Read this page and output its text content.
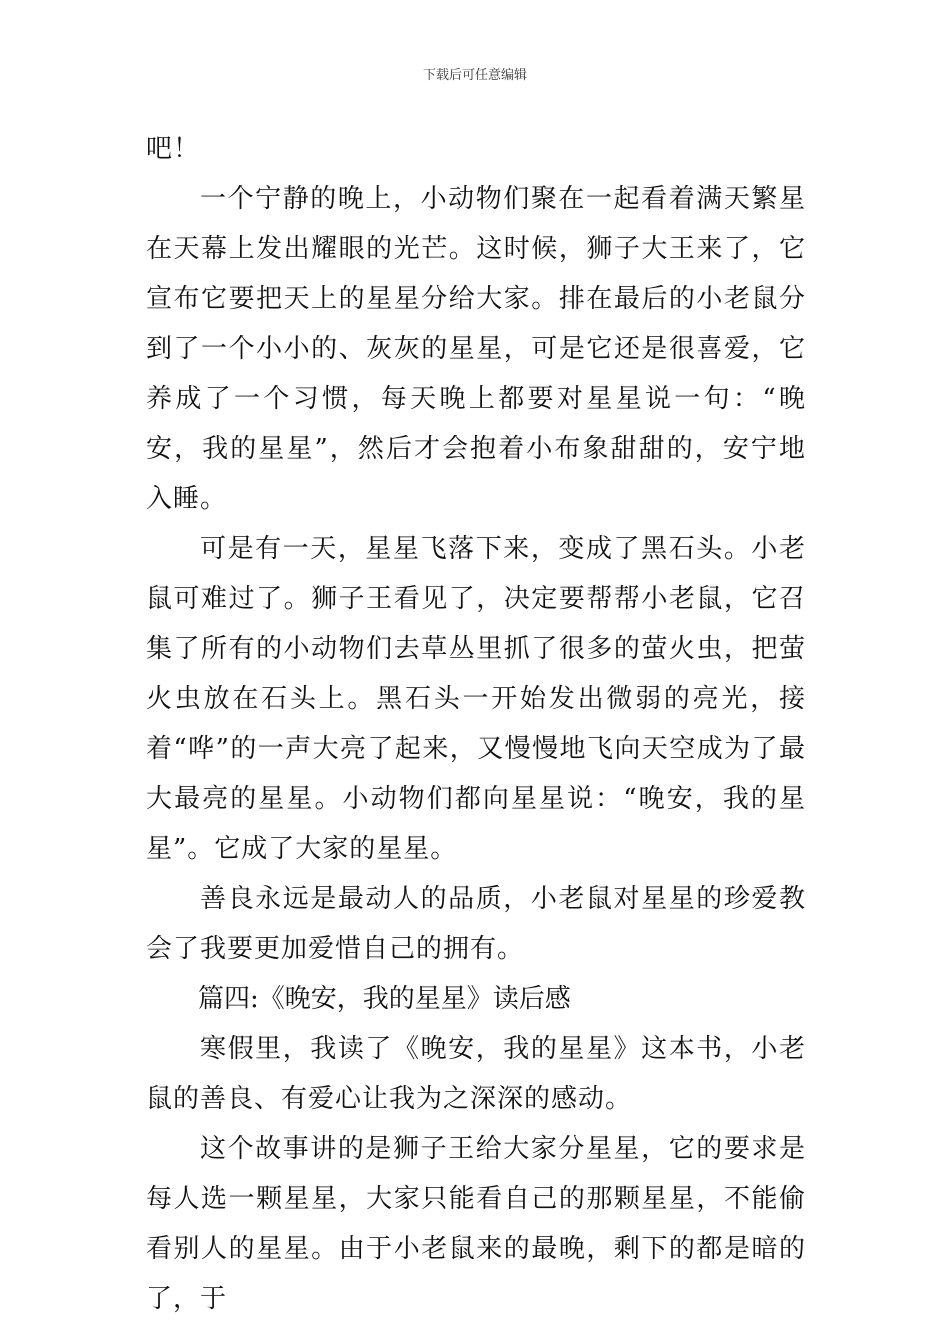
下载后可任意编辑

吧！

一个宁静的晚上，小动物们聚在一起看着满天繁星在天幕上发出耀眼的光芒。这时候，狮子大王来了，它宣布它要把天上的星星分给大家。排在最后的小老鼠分到了一个小小的、灰灰的星星，可是它还是很喜爱，它养成了一个习惯，每天晚上都要对星星说一句：“晚安，我的星星”，然后才会抱着小布象甜甜的，安宁地入睡。

可是有一天，星星飞落下来，变成了黑石头。小老鼠可难过了。狮子王看见了，决定要帮帮小老鼠，它召集了所有的小动物们去草丛里抓了很多的萤火虫，把萤火虫放在石头上。黑石头一开始发出微弱的亮光，接着“哗”的一声大亮了起来，又慢慢地飞向天空成为了最大最亮的星星。小动物们都向星星说：“晚安，我的星星”。它成了大家的星星。

善良永远是最动人的品质，小老鼠对星星的珍爱教会了我要更加爱惜自己的拥有。

篇四:《晚安，我的星星》读后感

寒假里，我读了《晚安，我的星星》这本书，小老鼠的善良、有爱心让我为之深深的感动。

这个故事讲的是狮子王给大家分星星，它的要求是每人选一颗星星，大家只能看自己的那颗星星，不能偷看别人的星星。由于小老鼠来的最晚，剩下的都是暗的了，于
